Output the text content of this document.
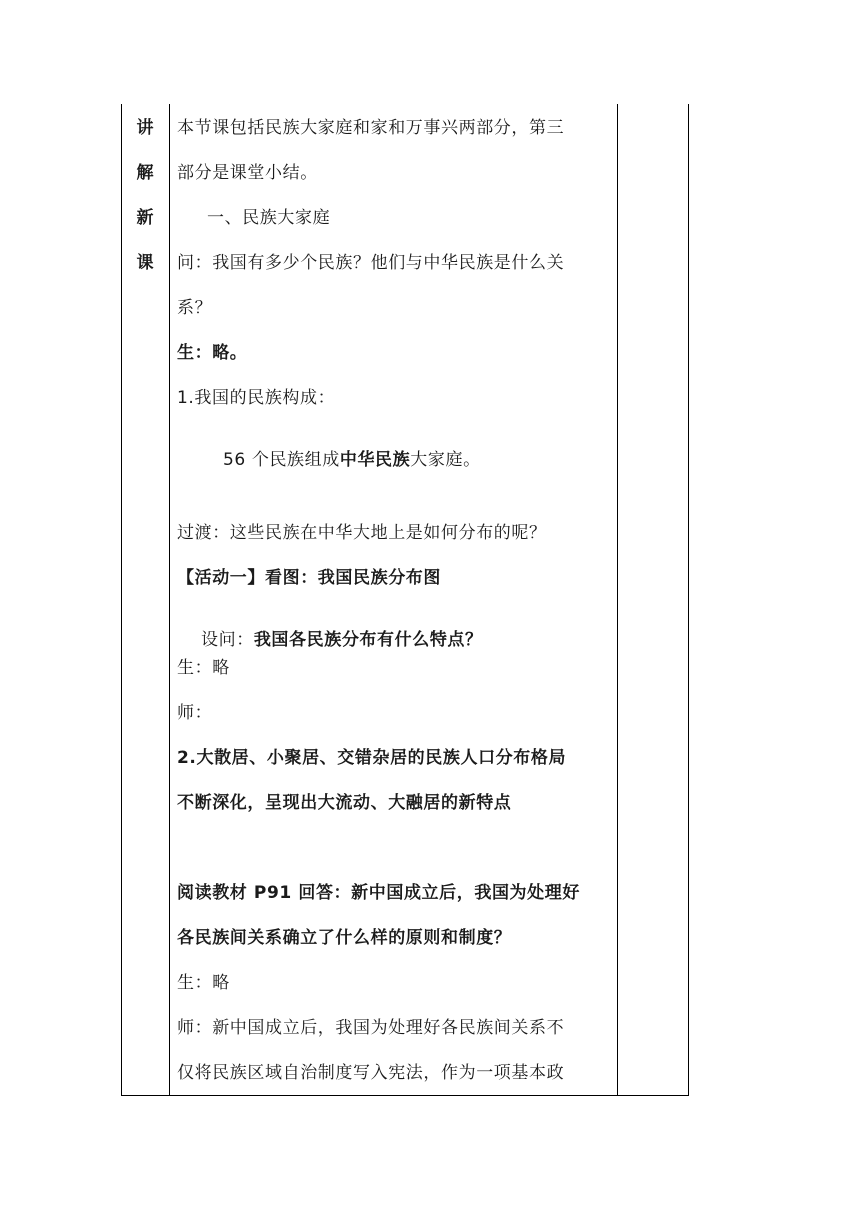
讲
解
新
课
本节课包括民族大家庭和家和万事兴两部分，第三
部分是课堂小结。
一、民族大家庭
问：我国有多少个民族？他们与中华民族是什么关
系？
生：略。
1.我国的民族构成：

56 个民族组成中华民族大家庭。

过渡：这些民族在中华大地上是如何分布的呢？
【活动一】看图：我国民族分布图

设问：我国各民族分布有什么特点？

生：略
师：
2.大散居、小聚居、交错杂居的民族人口分布格局
不断深化，呈现出大流动、大融居的新特点
阅读教材 P91 回答：新中国成立后，我国为处理好
各民族间关系确立了什么样的原则和制度？
生：略
师：新中国成立后，我国为处理好各民族间关系不
仅将民族区域自治制度写入宪法，作为一项基本政
